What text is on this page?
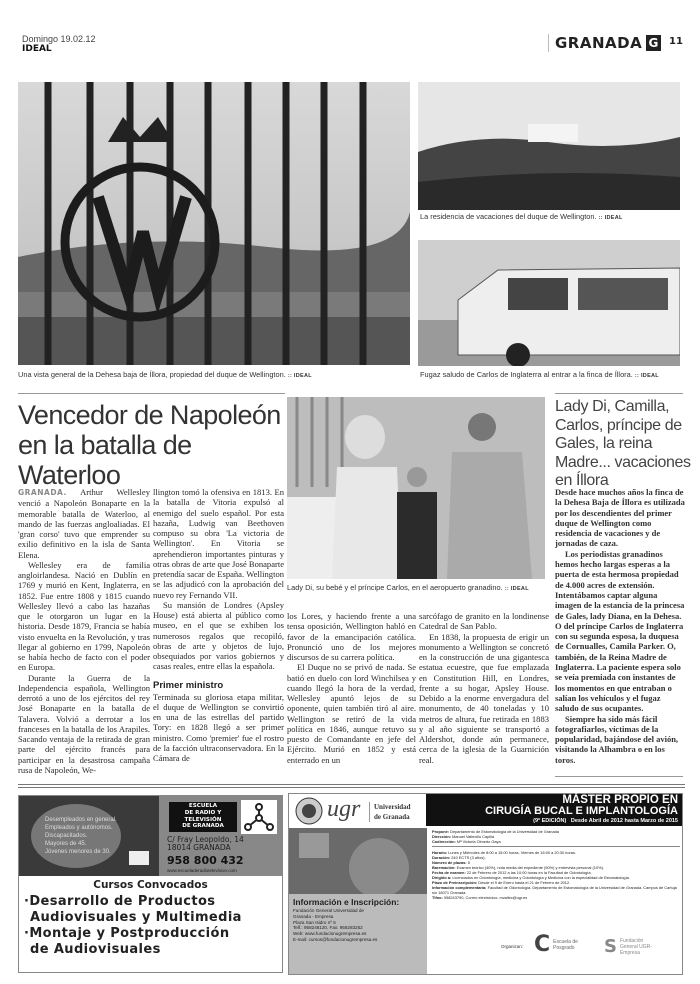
Domingo 19.02.12
IDEAL	GRANADA G 11
Una vista general de la Dehesa baja de Íllora, propiedad del duque de Wellington. :: IDEAL
La residencia de vacaciones del duque de Wellington. :: IDEAL
Fugaz saludo de Carlos de Inglaterra al entrar a la finca de Íllora. :: IDEAL
Vencedor de Napoleón en la batalla de Waterloo
Lady Di, su bebé y el príncipe Carlos, en el aeropuerto granadino. :: IDEAL
Lady Di, Camilla, Carlos, príncipe de Gales, la reina Madre... vacaciones en Íllora

Desde hace muchos años la finca de la Dehesa Baja de Íllora es utilizada por los descendientes del primer duque de Wellington como residencia de vacaciones y de jornadas de caza.

Los periodistas granadinos hemos hecho largas esperas a la puerta de esta hermosa propiedad de 4.000 acres de extensión. Intentábamos captar alguna imagen de la estancia de la princesa de Gales, lady Diana, en la Dehesa. O del príncipe Carlos de Inglaterra con su segunda esposa, la duquesa de Cornualles, Camila Parker. O, también, de la Reina Madre de Inglaterra. La paciente espera solo se veía premiada con instantes de los momentos en que entraban o salían los vehículos y el fugaz saludo de sus ocupantes.

Siempre ha sido más fácil fotografiarlos, víctimas de la popularidad, bajándose del avión, visitando la Alhambra o en los toros.

GRANADA. Arthur Wellesley venció a Napoleón Bonaparte en la memorable batalla de Waterloo, al mando de las fuerzas angloaliadas. El 'gran corso' tuvo que emprender su exilio definitivo en la isla de Santa Elena.

Wellesley era de familia angloirlandesa. Nació en Dublín en 1769 y murió en Kent, Inglaterra, en 1852. Fue entre 1808 y 1815 cuando Wellesley llevó a cabo las hazañas que le otorgaron un lugar en la historia. Desde 1879, Francia se había visto envuelta en la Revolución, y tras llegar al gobierno en 1799, Napoleón se había hecho de facto con el poder en Europa.

Durante la Guerra de la Independencia española, Wellington derrotó a uno de los ejércitos del rey José Bonaparte en la batalla de Talavera. Volvió a derrotar a los franceses en la batalla de los Arapiles. Sacando ventaja de la retirada de gran parte del ejército francés para participar en la desastrosa campaña rusa de Napoleón, We-

llington tomó la ofensiva en 1813. En la batalla de Vitoria expulsó al enemigo del suelo español. Por esta hazaña, Ludwig van Beethoven compuso su obra 'La victoria de Wellington'. En Vitoria se aprehendieron importantes pinturas y otras obras de arte que José Bonaparte pretendía sacar de España. Wellington se las adjudicó con la aprobación del nuevo rey Fernando VII.

Su mansión de Londres (Apsley House) está abierta al público como museo, en el que se exhiben los numerosos regalos que recopiló, obras de arte y objetos de lujo, obsequiados por varios gobiernos y casas reales, entre ellas la española.

Primer ministro

Terminada su gloriosa etapa militar, el duque de Wellington se convirtió en una de las estrellas del partido Tory: en 1828 llegó a ser primer ministro. Como 'premier' fue el rostro de la facción ultraconservadora. En la Cámara de

los Lores, y haciendo frente a una tensa oposición, Wellington habló en favor de la emancipación católica. Pronunció uno de los mejores discursos de su carrera política.

El Duque no se privó de nada. Se batió en duelo con lord Winchilsea y cuando llegó la hora de la verdad, Wellesley apuntó lejos de su oponente, quien también tiró al aire. Wellington se retiró de la vida política en 1846, aunque retuvo su puesto de Comandante en jefe del Ejército. Murió en 1852 y está enterrado en un

sarcófago de granito en la londinense Catedral de San Pablo.

En 1838, la propuesta de erigir un monumento a Wellington se concretó en la construcción de una gigantesca estatua ecuestre, que fue emplazada en Constitution Hill, en Londres, frente a su hogar, Apsley House. Debido a la enorme envergadura del monumento, de 40 toneladas y 10 metros de altura, fue retirada en 1883 y al año siguiente se transportó a Aldershot, donde aún permanece, cerca de la iglesia de la Guarnición real.

Desempleados en general.
Empleados y autónomos.
Discapacitados.
Mayores de 45.
Jóvenes menores de 30.
ESCUELA
DE RADIO Y
TELEVISIÓN
DE GRANADA
C/ Fray Leopoldo, 14
18014 GRANADA
958 800 432
www.escueladeradiotelevision.com
Cursos Convocados
·Desarrollo de Productos
Audiovisuales y Multimedia
·Montaje y Postproducción
de Audiovisuales
ugr Universidad
de Granada
MÁSTER PROPIO EN
CIRUGÍA BUCAL E IMPLANTOLOGÍA
(9ª EDICIÓN)   Desde Abril de 2012 hasta Marzo de 2015
Información e Inscripción:
Fundación General Universidad de
Granada - Empresa
Plaza San Isidro nº 5
Telf.: 958246120, Fax: 958283252
Web: www.fundacionugrempresa.es
E-mail: cursos@fundacionugrempresa.es
Propone: Departamento de Estomatología de la Universidad de Granada
Dirección: Manuel Vallecillo Capilla
Codirección: Mª Victoria Olmedo Gaya
Horario: Lunes y Miércoles de 8:00 a 15:00 horas, Viernes de 16:00 a 20:30 horas.
Duración: 240 ECTS (3 años).
Número de plazas: 5
Baremación: Examen teórico (40%), nota media del expediente (50%) y entrevista personal (10%).
Fecha de examen: 22 de Febrero de 2012 a las 10:00 horas en la Facultad de Odontología.
Dirigido a: Licenciados en Odontología, medicina y Odontología y Medicina con la especialidad de Estomatología.
Plazo de Preinscripción: Desde el 9 de Enero hasta el 21 de Febrero de 2012.
Información complementaria: Facultad de Odontología. Departamento de Estomatología de la Universidad de Granada. Campus de Cartuja s/n 18071 Granada.
Tlfno: 958243790, Correo electrónico: mvallec@ugr.es
Organizan: C Escuela de Posgrado	S Fundación General UGR-Empresa
